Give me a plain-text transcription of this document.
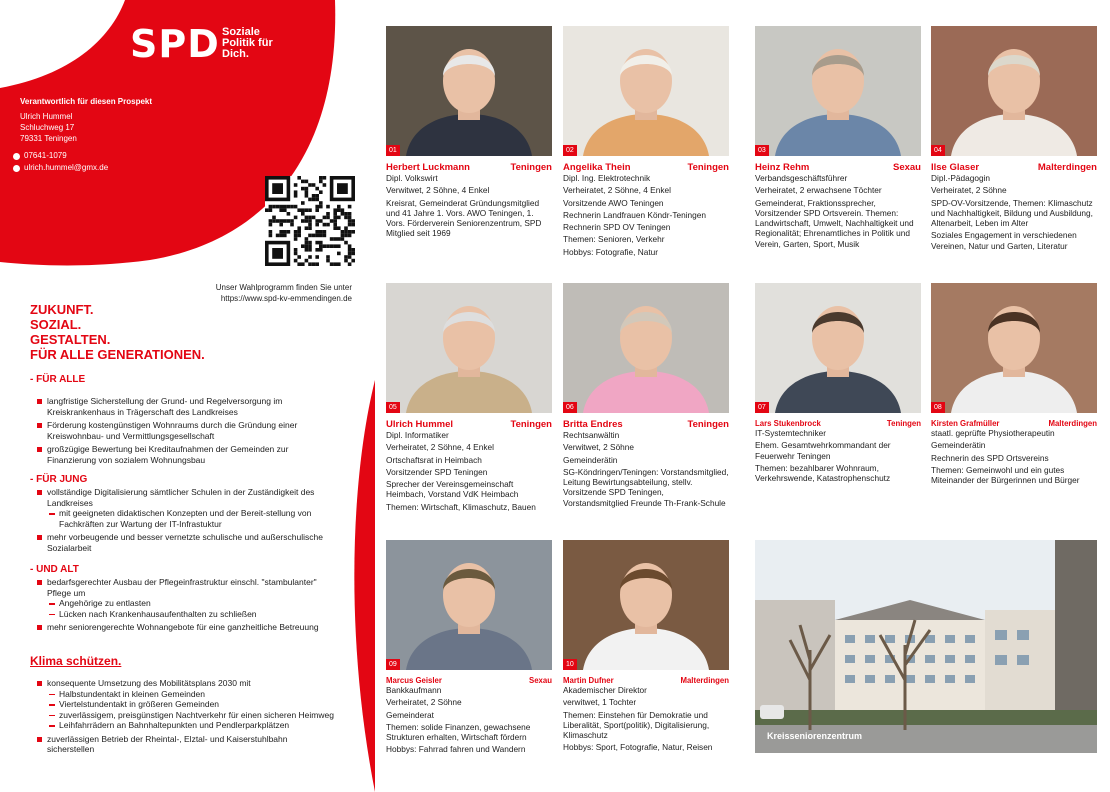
SPD Soziale
Politik für
Dich.
Verantwortlich für diesen Prospekt
Ulrich Hummel
Schluchweg 17
79331 Teningen
07641-1079
ulrich.hummel@gmx.de
Unser Wahlprogramm finden Sie unter
https://www.spd-kv-emmendingen.de
ZUKUNFT.
SOZIAL.
GESTALTEN.
FÜR ALLE GENERATIONEN.
- FÜR ALLE
langfristige Sicherstellung der Grund- und Regelversorgung im Kreiskrankenhaus in Trägerschaft des Landkreises
Förderung kostengünstigen Wohnraums durch die Gründung einer Kreiswohnbau- und Vermittlungsgesellschaft
großzügige Bewertung bei Kreditaufnahmen der Gemeinden zur Finanzierung von sozialem Wohnungsbau
- FÜR JUNG
vollständige Digitalisierung sämtlicher Schulen in der Zuständigkeit des Landkreises
mit geeigneten didaktischen Konzepten und der Bereit-stellung von Fachkräften zur Wartung der IT-Infrastuktur
mehr vorbeugende und besser vernetzte schulische und außerschulische Sozialarbeit
- UND ALT
bedarfsgerechter Ausbau der Pflegeinfrastruktur einschl. "stambulanter" Pflege um
Angehörige zu entlasten
Lücken nach Krankenhausaufenthalten zu schließen
mehr seniorengerechte Wohnangebote für eine ganzheitliche Betreuung
Klima schützen.
konsequente Umsetzung des Mobilitätsplans 2030 mit
Halbstundentakt in kleinen Gemeinden
Viertelstundentakt in größeren Gemeinden
zuverlässigem, preisgünstigen Nachtverkehr für einen sicheren Heimweg
Leihfahrrädern an Bahnhaltepunkten und Pendlerparkplätzen
zuverlässigen Betrieb der Rheintal-, Elztal- und Kaiserstuhlbahn sicherstellen
01
Herbert Luckmann	Teningen

Dipl. Volkswirt

Verwitwet, 2 Söhne, 4 Enkel

Kreisrat, Gemeinderat Gründungsmitglied und 41 Jahre 1. Vors. AWO Teningen, 1. Vors. Förderverein Seniorenzentrum, SPD Mitglied seit 1969

02
Angelika Thein	Teningen

Dipl. Ing. Elektrotechnik

Verheiratet, 2 Söhne, 4 Enkel

Vorsitzende AWO Teningen

Rechnerin Landfrauen Köndr-Teningen

Rechnerin SPD OV Teningen

Themen: Senioren, Verkehr

Hobbys: Fotografie, Natur

03
Heinz Rehm	Sexau

Verbandsgeschäftsführer

Verheiratet, 2 erwachsene Töchter

Gemeinderat, Fraktionssprecher, Vorsitzender SPD Ortsverein. Themen: Landwirtschaft, Umwelt, Nachhaltigkeit und Regionalität; Ehrenamtliches in Politik und Verein, Garten, Sport, Musik

04
Ilse Glaser	Malterdingen

Dipl.-Pädagogin

Verheiratet, 2 Söhne

SPD-OV-Vorsitzende, Themen: Klimaschutz und Nachhaltigkeit, Bildung und Ausbildung, Altenarbeit, Leben im Alter

Soziales Engagement in verschiedenen Vereinen, Natur und Garten, Literatur

05
Ulrich Hummel	Teningen

Dipl. Informatiker

Verheiratet, 2 Söhne, 4 Enkel

Ortschaftsrat in Heimbach

Vorsitzender SPD Teningen

Sprecher der Vereinsgemeinschaft Heimbach, Vorstand VdK Heimbach

Themen: Wirtschaft, Klimaschutz, Bauen

06
Britta Endres	Teningen

Rechtsanwältin

Verwitwet, 2 Söhne

Gemeinderätin

SG-Köndringen/Teningen: Vorstandsmitglied, Leitung Bewirtungsabteilung, stellv. Vorsitzende SPD Teningen, Vorstandsmitglied Freunde Th-Frank-Schule

07
Lars Stukenbrock	Teningen

IT-Systemtechniker

Ehem. Gesamtwehrkommandant der Feuerwehr Teningen

Themen: bezahlbarer Wohnraum, Verkehrswende, Katastrophenschutz

08
Kirsten Grafmüller	Malterdingen

staatl. geprüfte Physiotherapeutin

Gemeinderätin

Rechnerin des SPD Ortsvereins

Themen: Gemeinwohl und ein gutes Miteinander der Bürgerinnen und Bürger

09
Marcus Geisler	Sexau

Bankkaufmann

Verheiratet, 2 Söhne

Gemeinderat

Themen: solide Finanzen, gewachsene Strukturen erhalten, Wirtschaft fördern

Hobbys: Fahrrad fahren und Wandern

10
Martin Dufner	Malterdingen

Akademischer Direktor

verwitwet, 1 Tochter

Themen: Einstehen für Demokratie und Liberalität, Sport(politik), Digitalisierung, Klimaschutz

Hobbys: Sport, Fotografie, Natur, Reisen

Kreisseniorenzentrum
